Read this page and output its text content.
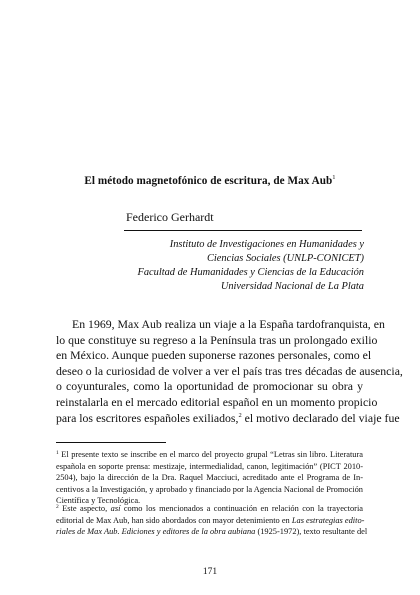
El método magnetofónico de escritura, de Max Aub$^1$
Federico Gerhardt
Instituto de Investigaciones en Humanidades y
Ciencias Sociales (UNLP-CONICET)
Facultad de Humanidades y Ciencias de la Educación
Universidad Nacional de La Plata
En 1969, Max Aub realiza un viaje a la España tardofranquista, en
lo que constituye su regreso a la Península tras un prolongado exilio
en México. Aunque pueden suponerse razones personales, como el
deseo o la curiosidad de volver a ver el país tras tres décadas de ausencia,
o coyunturales, como la oportunidad de promocionar su obra y
reinstalarla en el mercado editorial español en un momento propicio
para los escritores españoles exiliados,$^2$ el motivo declarado del viaje fue
$^1$ El presente texto se inscribe en el marco del proyecto grupal “Letras sin libro. Literatura
española en soporte prensa: mestizaje, intermedialidad, canon, legitimación” (PICT 2010-
2504), bajo la dirección de la Dra. Raquel Macciuci, acreditado ante el Programa de In-
centivos a la Investigación, y aprobado y financiado por la Agencia Nacional de Promoción
Científica y Tecnológica.
$^2$ Este aspecto, así como los mencionados a continuación en relación con la trayectoria
editorial de Max Aub, han sido abordados con mayor detenimiento en Las estrategias edito-
riales de Max Aub. Ediciones y editores de la obra aubiana (1925-1972), texto resultante del
171
